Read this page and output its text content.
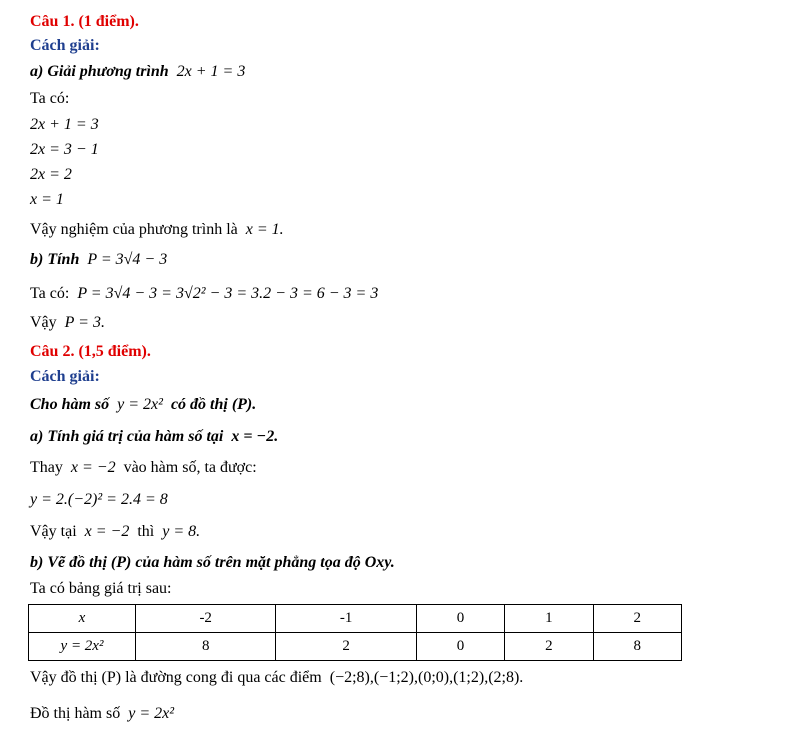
Câu 1. (1 điểm).
Cách giải:
a) Giải phương trình 2x + 1 = 3
Ta có:
2x + 1 = 3
2x = 3 − 1
2x = 2
x = 1
Vậy nghiệm của phương trình là x = 1.
b) Tính P = 3√4 − 3
Ta có: P = 3√4 − 3 = 3√2² − 3 = 3.2 − 3 = 6 − 3 = 3
Vậy P = 3.
Câu 2. (1,5 điểm).
Cách giải:
Cho hàm số y = 2x² có đồ thị (P).
a) Tính giá trị của hàm số tại x = −2.
Thay x = −2 vào hàm số, ta được:
y = 2.(−2)² = 2.4 = 8
Vậy tại x = −2 thì y = 8.
b) Vẽ đồ thị (P) của hàm số trên mặt phẳng tọa độ Oxy.
Ta có bảng giá trị sau:
x	-2	-1	0	1	2
y = 2x²	8	2	0	2	8
Vậy đồ thị (P) là đường cong đi qua các điểm (−2;8),(−1;2),(0;0),(1;2),(2;8).
Đồ thị hàm số y = 2x²
